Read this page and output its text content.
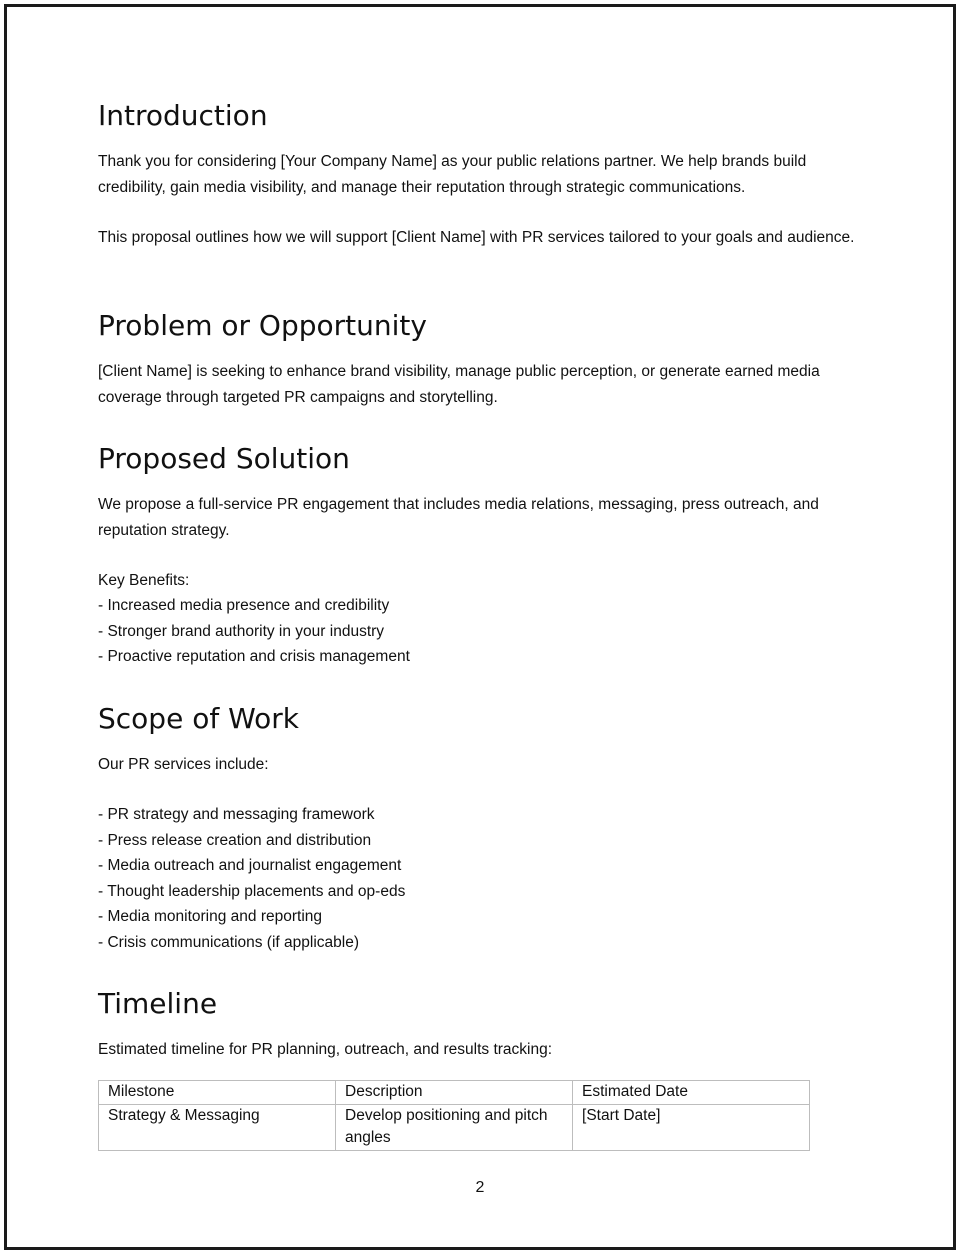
Introduction

Thank you for considering [Your Company Name] as your public relations partner. We help brands build credibility, gain media visibility, and manage their reputation through strategic communications.

This proposal outlines how we will support [Client Name] with PR services tailored to your goals and audience.

Problem or Opportunity

[Client Name] is seeking to enhance brand visibility, manage public perception, or generate earned media coverage through targeted PR campaigns and storytelling.

Proposed Solution

We propose a full-service PR engagement that includes media relations, messaging, press outreach, and reputation strategy.

Key Benefits:

- Increased media presence and credibility
- Stronger brand authority in your industry
- Proactive reputation and crisis management
Scope of Work

Our PR services include:

- PR strategy and messaging framework
- Press release creation and distribution
- Media outreach and journalist engagement
- Thought leadership placements and op-eds
- Media monitoring and reporting
- Crisis communications (if applicable)
Timeline

Estimated timeline for PR planning, outreach, and results tracking:

Milestone	Description	Estimated Date
Strategy & Messaging	Develop positioning and pitch angles	[Start Date]
2
